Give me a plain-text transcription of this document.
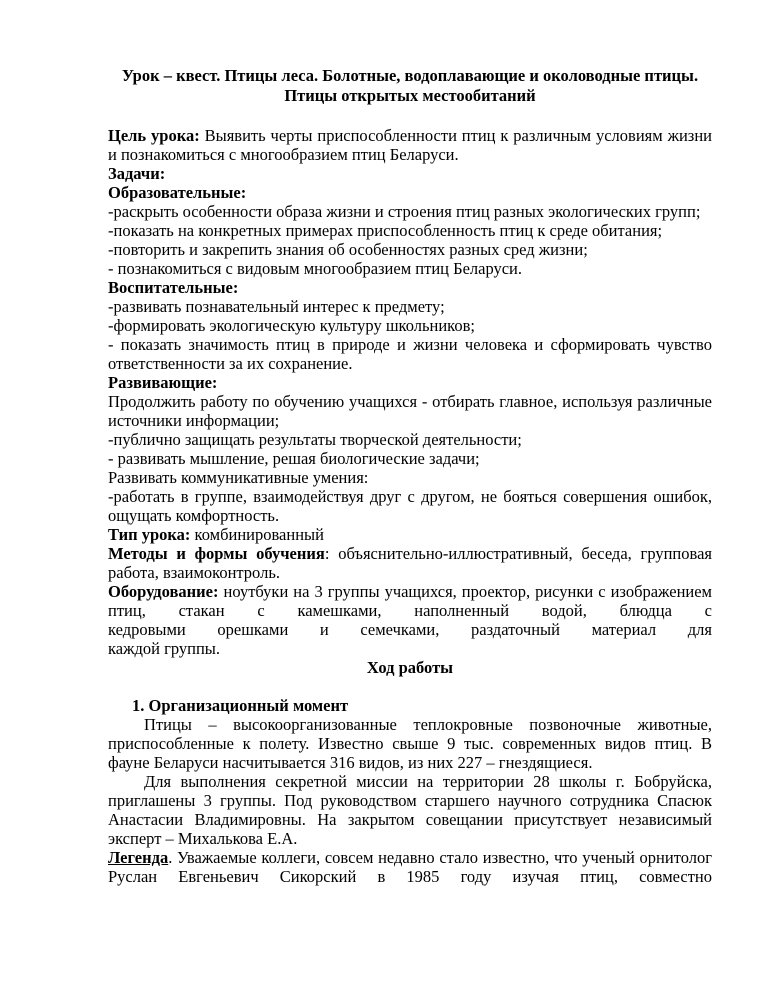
Урок – квест. Птицы леса. Болотные, водоплавающие и околоводные птицы. Птицы открытых местообитаний

Цель урока: Выявить черты приспособленности птиц к различным условиям жизни и познакомиться с многообразием птиц Беларуси.

Задачи:

Образовательные:

-раскрыть особенности образа жизни и строения птиц разных экологических групп;

-показать на конкретных примерах приспособленность птиц к среде обитания;

-повторить и закрепить знания об особенностях разных сред жизни;

- познакомиться с видовым многообразием птиц Беларуси.

Воспитательные:

-развивать познавательный интерес к предмету;

-формировать экологическую культуру школьников;

- показать значимость птиц в природе и жизни человека и сформировать чувство ответственности за их сохранение.

Развивающие:

Продолжить работу по обучению учащихся - отбирать главное, используя различные источники информации;

-публично защищать результаты творческой деятельности;

- развивать мышление, решая биологические задачи;

Развивать коммуникативные умения:

-работать в группе, взаимодействуя друг с другом, не бояться совершения ошибок, ощущать комфортность.

Тип урока: комбинированный

Методы и формы обучения: объяснительно-иллюстративный, беседа, групповая работа, взаимоконтроль.

Оборудование: ноутбуки на 3 группы учащихся, проектор, рисунки с изображением птиц, стакан с камешками, наполненный водой, блюдца с

кедровыми орешками и семечками, раздаточный материал для

каждой группы.

Ход работы

1. Организационный момент

Птицы – высокоорганизованные теплокровные позвоночные животные, приспособленные к полету. Известно свыше 9 тыс. современных видов птиц. В фауне Беларуси насчитывается 316 видов, из них 227 – гнездящиеся.

Для выполнения секретной миссии на территории 28 школы г. Бобруйска, приглашены 3 группы. Под руководством старшего научного сотрудника Спасюк Анастасии Владимировны. На закрытом совещании присутствует независимый эксперт – Михалькова Е.А.

Легенда. Уважаемые коллеги, совсем недавно стало известно, что ученый орнитолог Руслан Евгеньевич Сикорский в 1985 году изучая птиц, совместно
